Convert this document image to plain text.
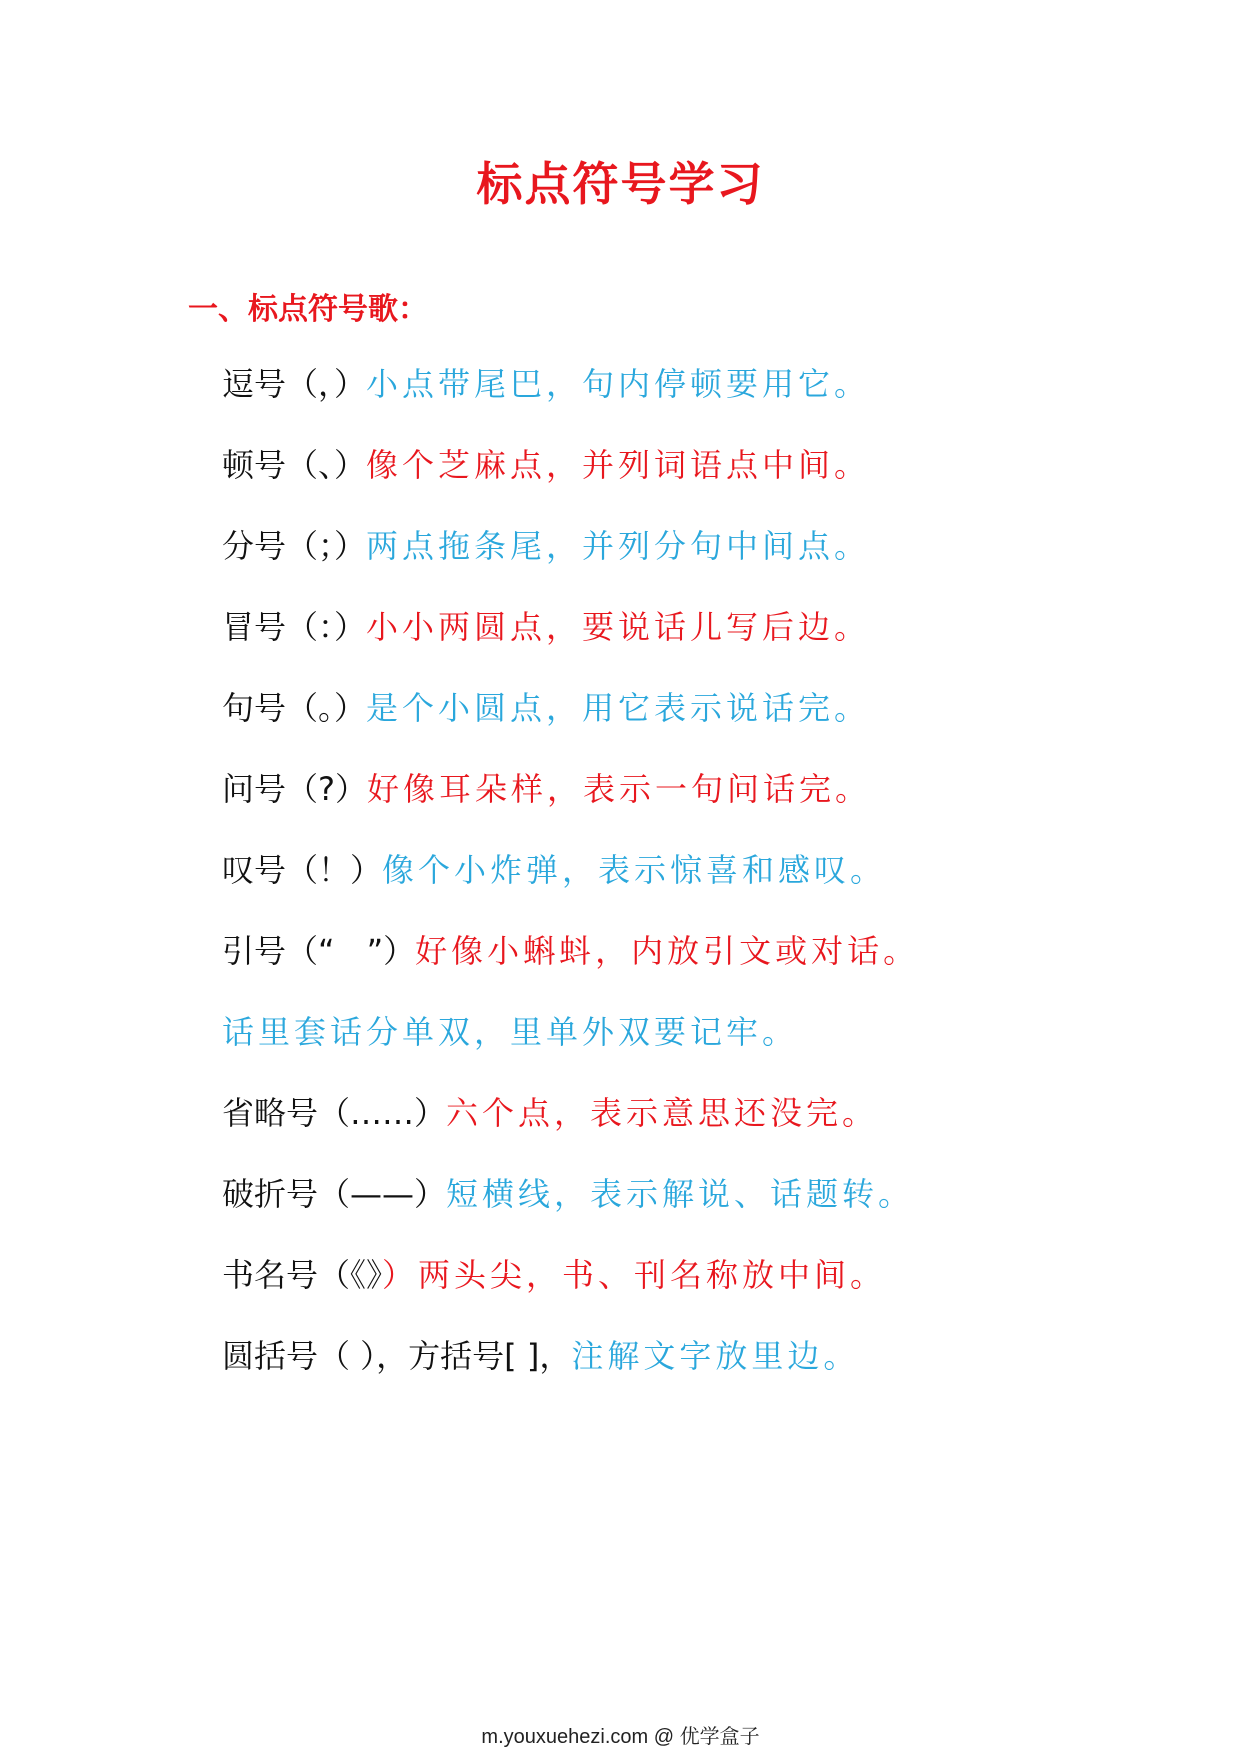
标点符号学习
一、标点符号歌：
逗号（，）小点带尾巴，句内停顿要用它。
顿号（、）像个芝麻点，并列词语点中间。
分号（；）两点拖条尾，并列分句中间点。
冒号（：）小小两圆点，要说话儿写后边。
句号（。）是个小圆点，用它表示说话完。
问号（?）好像耳朵样，表示一句问话完。
叹号（！）像个小炸弹，表示惊喜和感叹。
引号（“　”）好像小蝌蚪，内放引文或对话。
话里套话分单双，里单外双要记牢。
省略号（……）六个点，表示意思还没完。
破折号（——）短横线，表示解说、话题转。
书名号（《》）两头尖，书、刊名称放中间。
圆括号（ ），方括号[ ]，注解文字放里边。
m.youxuehezi.com @ 优学盒子
